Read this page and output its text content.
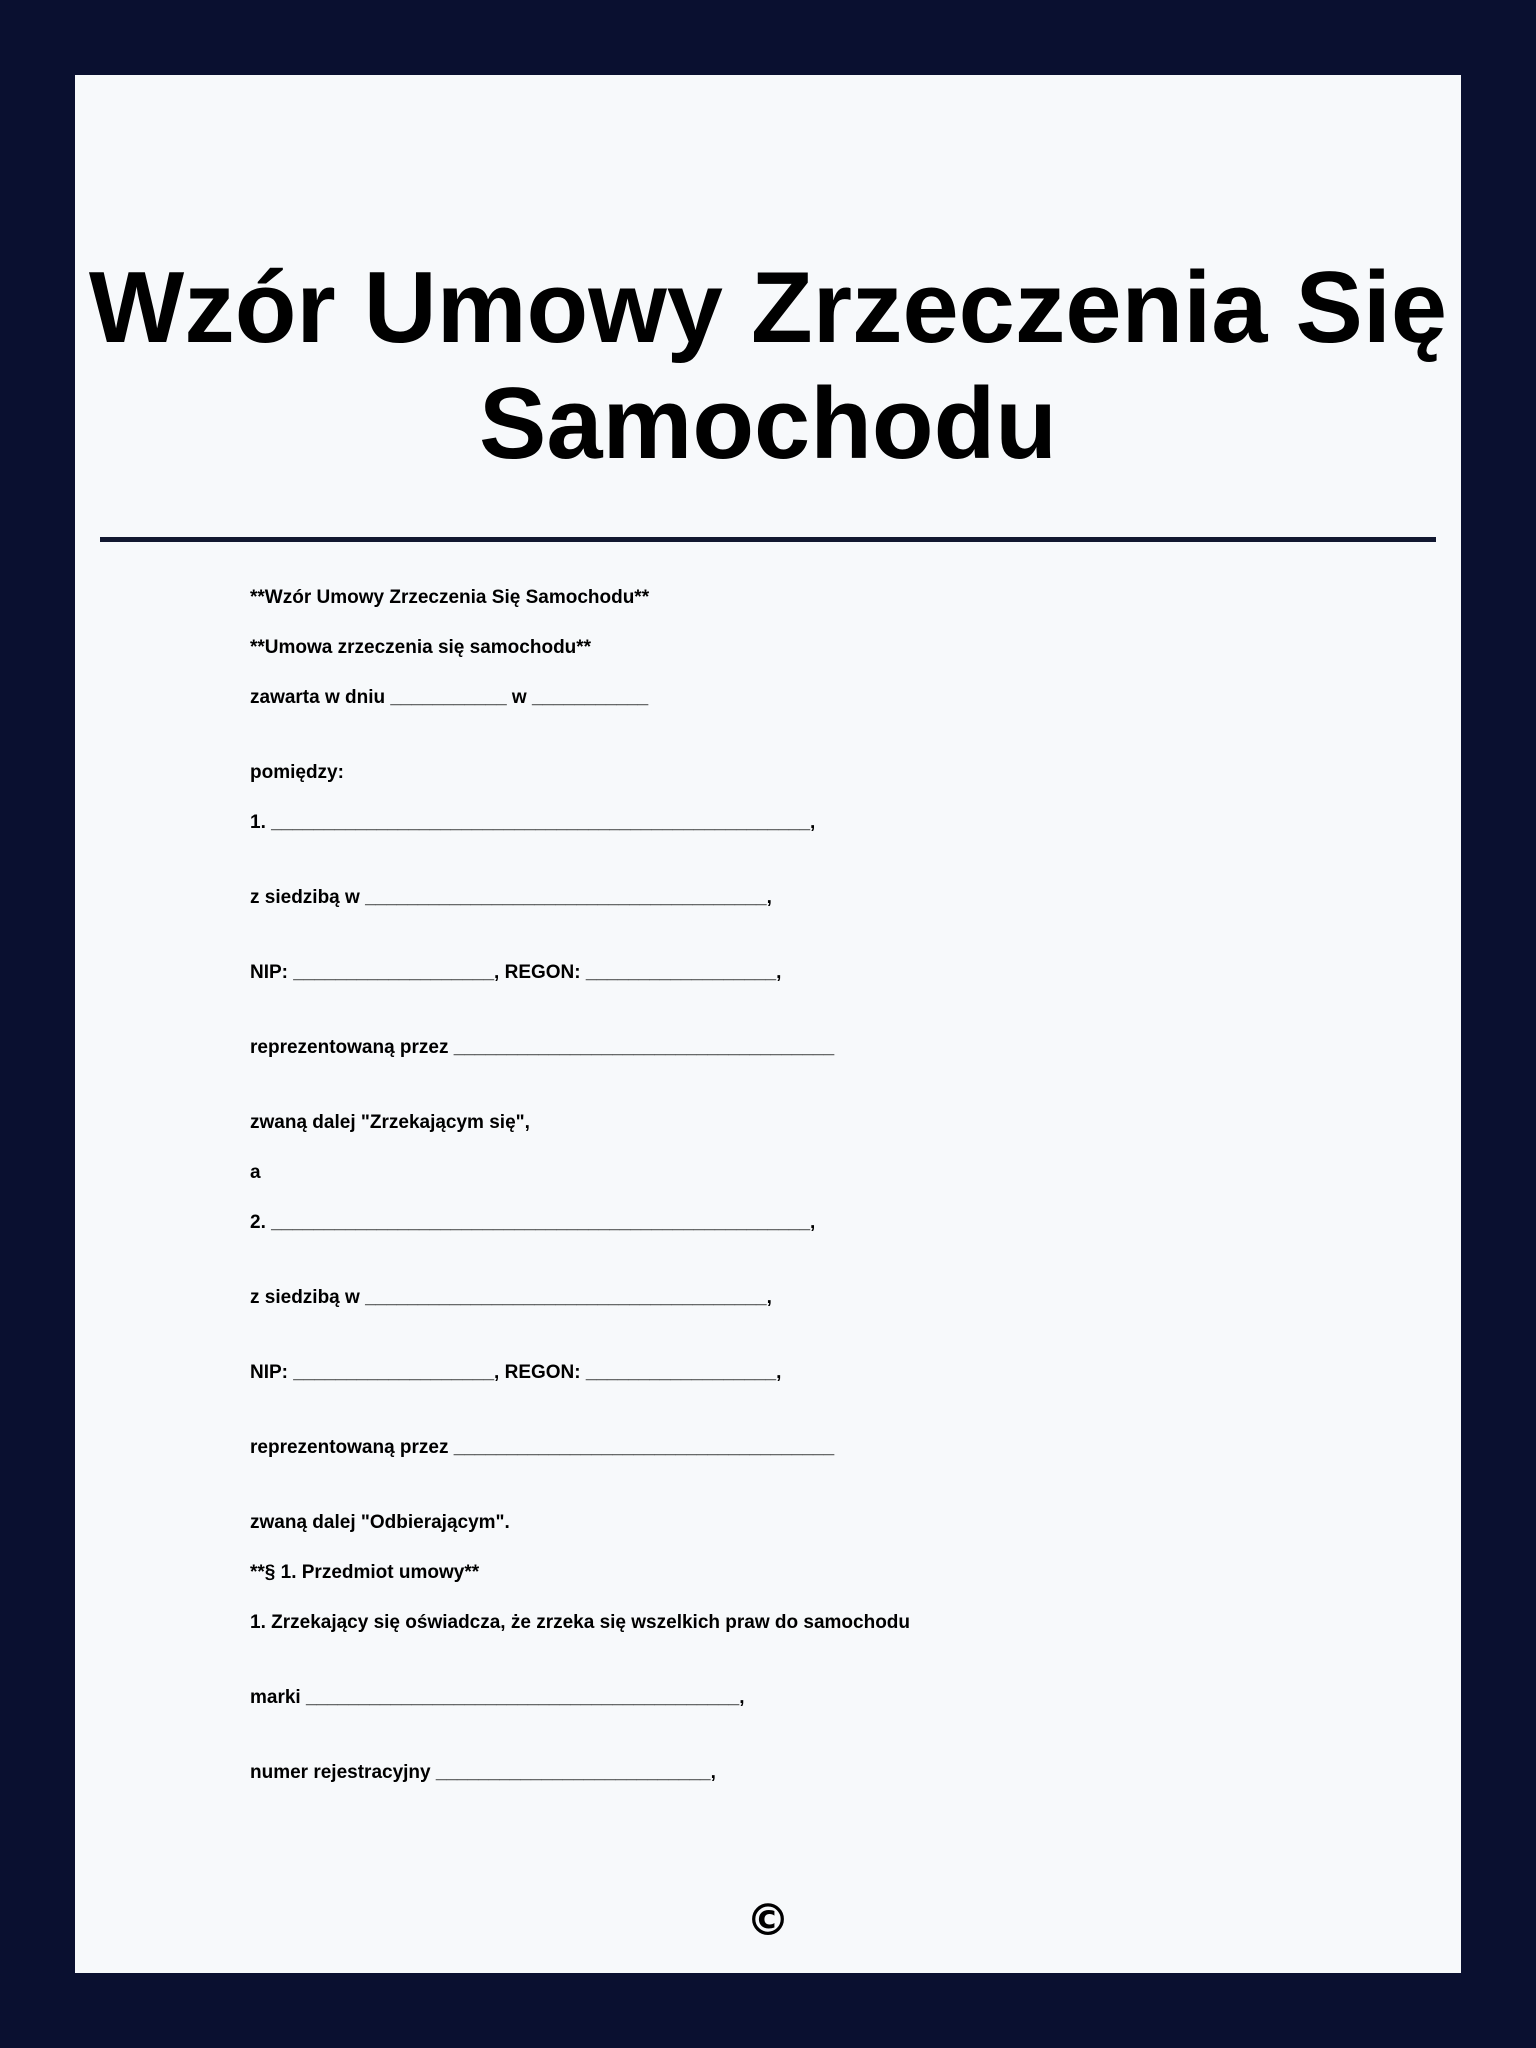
Wzór Umowy Zrzeczenia Się Samochodu
**Wzór Umowy Zrzeczenia Się Samochodu**
**Umowa zrzeczenia się samochodu**
zawarta w dniu ___________ w ___________
pomiędzy:
1. ___________________________________________________,
z siedzibą w ______________________________________,
NIP: ___________________, REGON: __________________,
reprezentowaną przez ____________________________________
zwaną dalej "Zrzekającym się",
a
2. ___________________________________________________,
z siedzibą w ______________________________________,
NIP: ___________________, REGON: __________________,
reprezentowaną przez ____________________________________
zwaną dalej "Odbierającym".
**§ 1. Przedmiot umowy**
1. Zrzekający się oświadcza, że zrzeka się wszelkich praw do samochodu
marki _________________________________________,
numer rejestracyjny __________________________,
©
